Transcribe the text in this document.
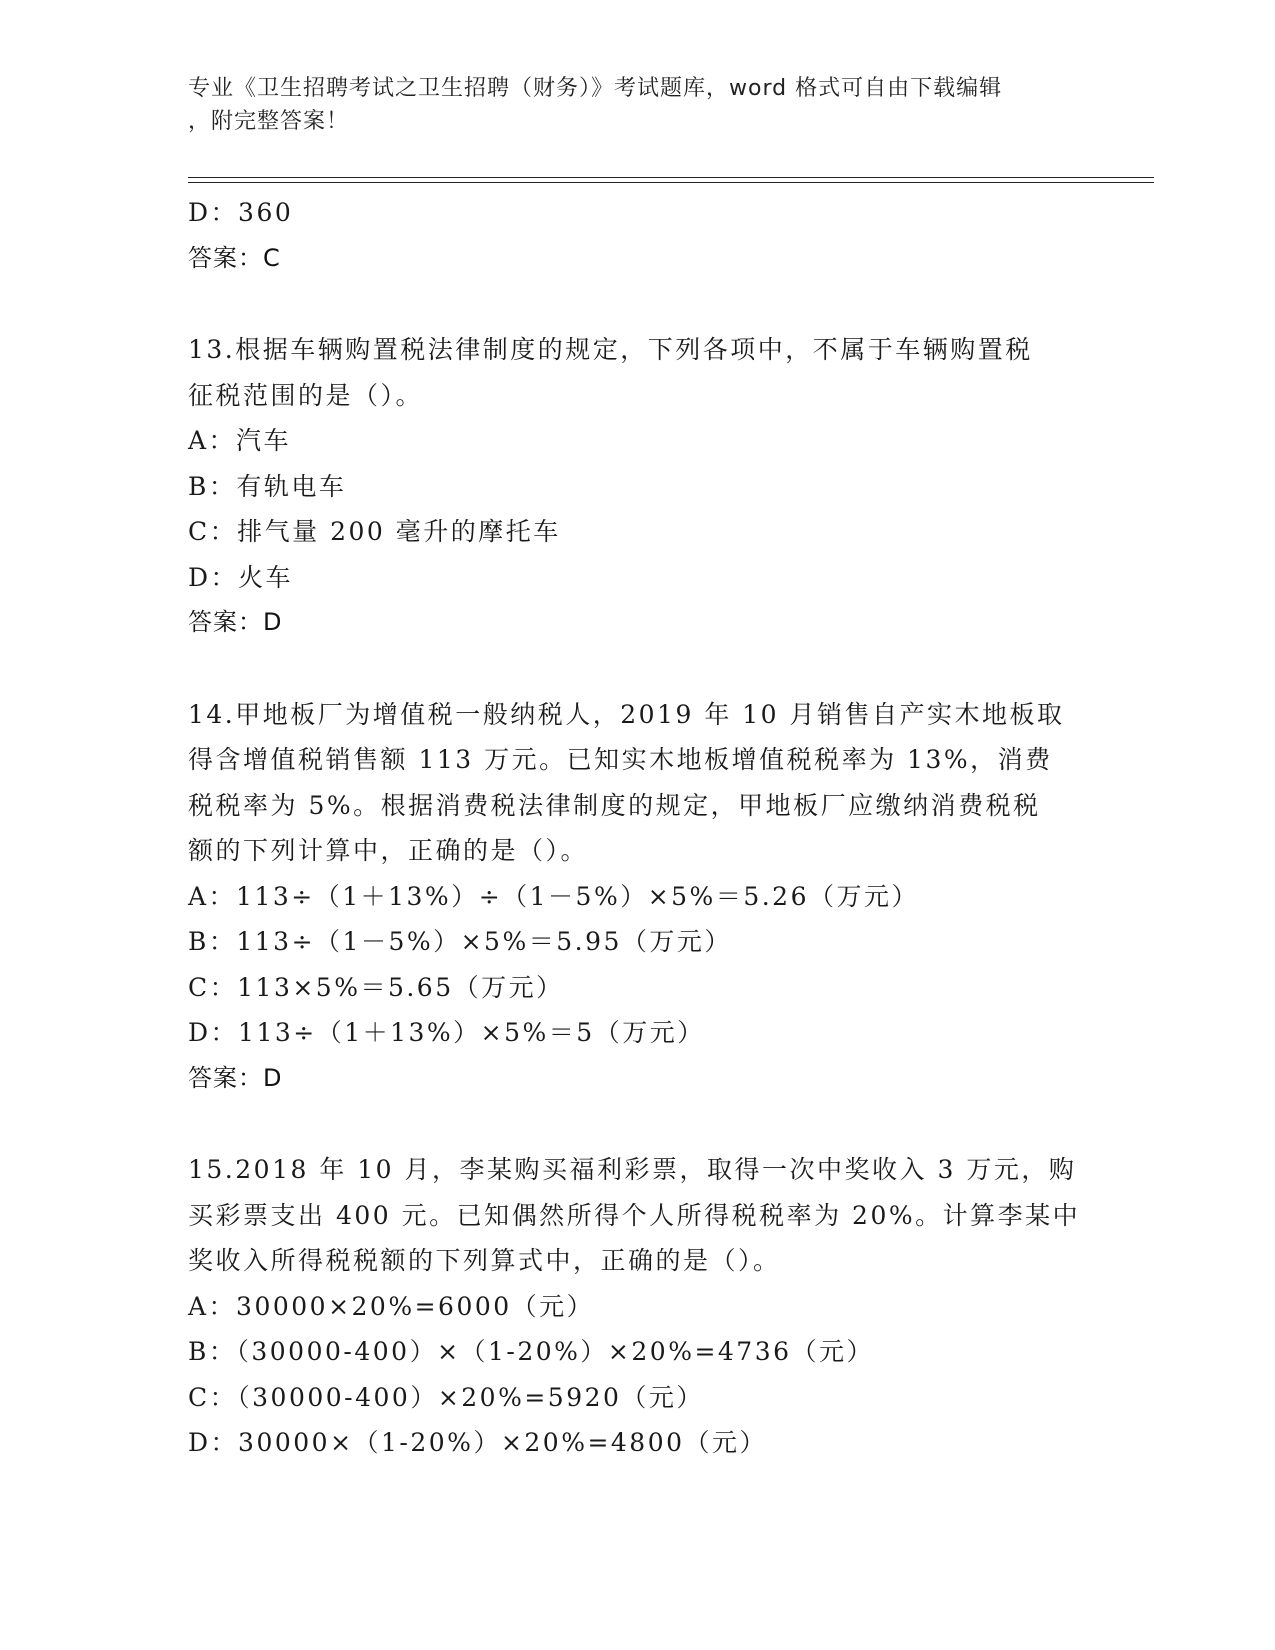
专业《卫生招聘考试之卫生招聘（财务）》考试题库，word 格式可自由下载编辑
，附完整答案！
D：360
答案：C
13.根据车辆购置税法律制度的规定，下列各项中，不属于车辆购置税
征税范围的是（）。
A：汽车
B：有轨电车
C：排气量 200 毫升的摩托车
D：火车
答案：D
14.甲地板厂为增值税一般纳税人，2019 年 10 月销售自产实木地板取
得含增值税销售额 113 万元。已知实木地板增值税税率为 13%，消费
税税率为 5%。根据消费税法律制度的规定，甲地板厂应缴纳消费税税
额的下列计算中，正确的是（）。
A：113÷（1＋13%）÷（1－5%）×5%＝5.26（万元）
B：113÷（1－5%）×5%＝5.95（万元）
C：113×5%＝5.65（万元）
D：113÷（1＋13%）×5%＝5（万元）
答案：D
15.2018 年 10 月，李某购买福利彩票，取得一次中奖收入 3 万元，购
买彩票支出 400 元。已知偶然所得个人所得税税率为 20%。计算李某中
奖收入所得税税额的下列算式中，正确的是（）。
A：30000×20%=6000（元）
B：（30000-400）×（1-20%）×20%=4736（元）
C：（30000-400）×20%=5920（元）
D：30000×（1-20%）×20%=4800（元）
